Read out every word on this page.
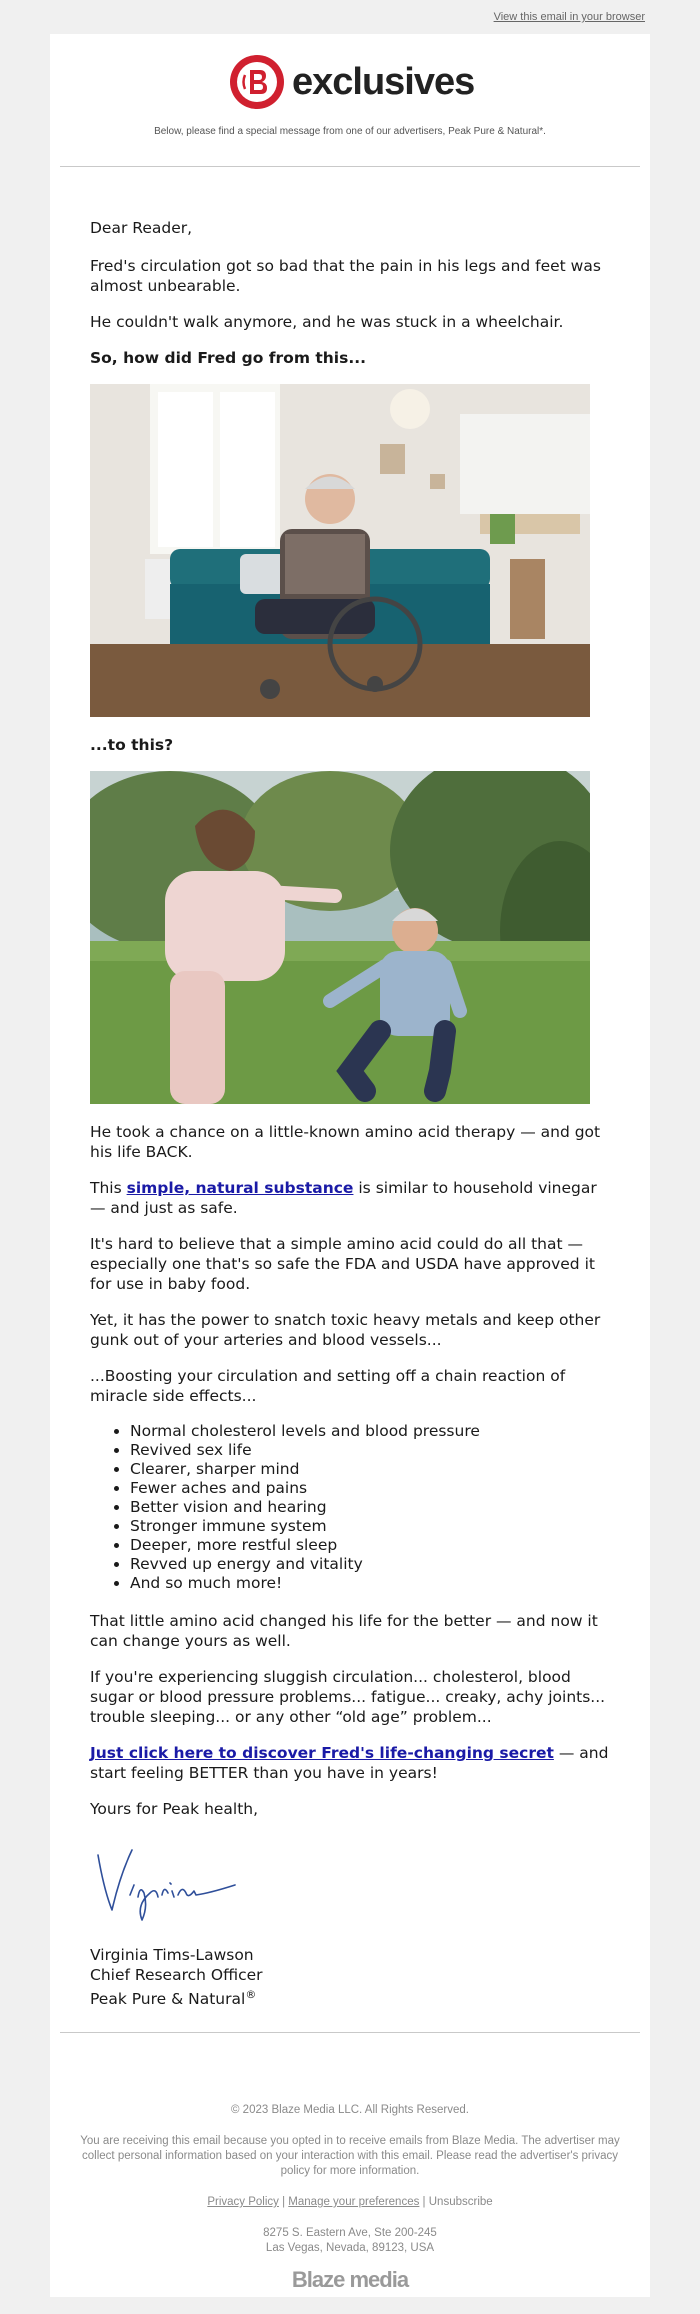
View this email in your browser
exclusives
Below, please find a special message from one of our advertisers, Peak Pure & Natural*.

Dear Reader,

Fred's circulation got so bad that the pain in his legs and feet was almost unbearable.

He couldn't walk anymore, and he was stuck in a wheelchair.

So, how did Fred go from this...

...to this?

He took a chance on a little-known amino acid therapy — and got his life BACK.

This simple, natural substance is similar to household vinegar — and just as safe.

It's hard to believe that a simple amino acid could do all that — especially one that's so safe the FDA and USDA have approved it for use in baby food.

Yet, it has the power to snatch toxic heavy metals and keep other gunk out of your arteries and blood vessels...

...Boosting your circulation and setting off a chain reaction of miracle side effects...

• Normal cholesterol levels and blood pressure
• Revived sex life
• Clearer, sharper mind
• Fewer aches and pains
• Better vision and hearing
• Stronger immune system
• Deeper, more restful sleep
• Revved up energy and vitality
• And so much more!

That little amino acid changed his life for the better — and now it can change yours as well.

If you're experiencing sluggish circulation... cholesterol, blood sugar or blood pressure problems... fatigue... creaky, achy joints... trouble sleeping... or any other “old age” problem...

Just click here to discover Fred's life-changing secret — and start feeling BETTER than you have in years!

Yours for Peak health,

Virginia Tims-Lawson
Chief Research Officer
Peak Pure & Natural®
© 2023 Blaze Media LLC. All Rights Reserved.
You are receiving this email because you opted in to receive emails from Blaze Media. The advertiser may collect personal information based on your interaction with this email. Please read the advertiser's privacy policy for more information.
Privacy Policy | Manage your preferences | Unsubscribe
8275 S. Eastern Ave, Ste 200-245
Las Vegas, Nevada, 89123, USA
Blaze media
